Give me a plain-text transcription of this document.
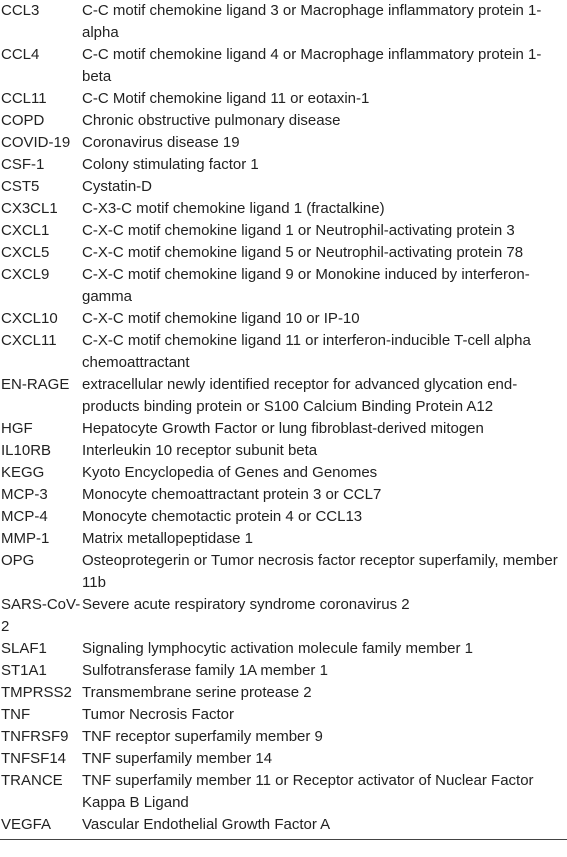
CCL3	C-C motif chemokine ligand 3 or Macrophage inflammatory protein 1-alpha
CCL4	C-C motif chemokine ligand 4 or Macrophage inflammatory protein 1-beta
CCL11	C-C Motif chemokine ligand 11 or eotaxin-1
COPD	Chronic obstructive pulmonary disease
COVID-19	Coronavirus disease 19
CSF-1	Colony stimulating factor 1
CST5	Cystatin-D
CX3CL1	C-X3-C motif chemokine ligand 1 (fractalkine)
CXCL1	C-X-C motif chemokine ligand 1 or Neutrophil-activating protein 3
CXCL5	C-X-C motif chemokine ligand 5 or Neutrophil-activating protein 78
CXCL9	C-X-C motif chemokine ligand 9 or Monokine induced by interferon-gamma
CXCL10	C-X-C motif chemokine ligand 10 or IP-10
CXCL11	C-X-C motif chemokine ligand 11 or interferon-inducible T-cell alpha chemoattractant
EN-RAGE	extracellular newly identified receptor for advanced glycation end-products binding protein or S100 Calcium Binding Protein A12
HGF	Hepatocyte Growth Factor or lung fibroblast-derived mitogen
IL10RB	Interleukin 10 receptor subunit beta
KEGG	Kyoto Encyclopedia of Genes and Genomes
MCP-3	Monocyte chemoattractant protein 3 or CCL7
MCP-4	Monocyte chemotactic protein 4 or CCL13
MMP-1	Matrix metallopeptidase 1
OPG	Osteoprotegerin or Tumor necrosis factor receptor superfamily, member 11b
SARS-CoV-2	Severe acute respiratory syndrome coronavirus 2
SLAF1	Signaling lymphocytic activation molecule family member 1
ST1A1	Sulfotransferase family 1A member 1
TMPRSS2	Transmembrane serine protease 2
TNF	Tumor Necrosis Factor
TNFRSF9	TNF receptor superfamily member 9
TNFSF14	TNF superfamily member 14
TRANCE	TNF superfamily member 11 or Receptor activator of Nuclear Factor Kappa B Ligand
VEGFA	Vascular Endothelial Growth Factor A
